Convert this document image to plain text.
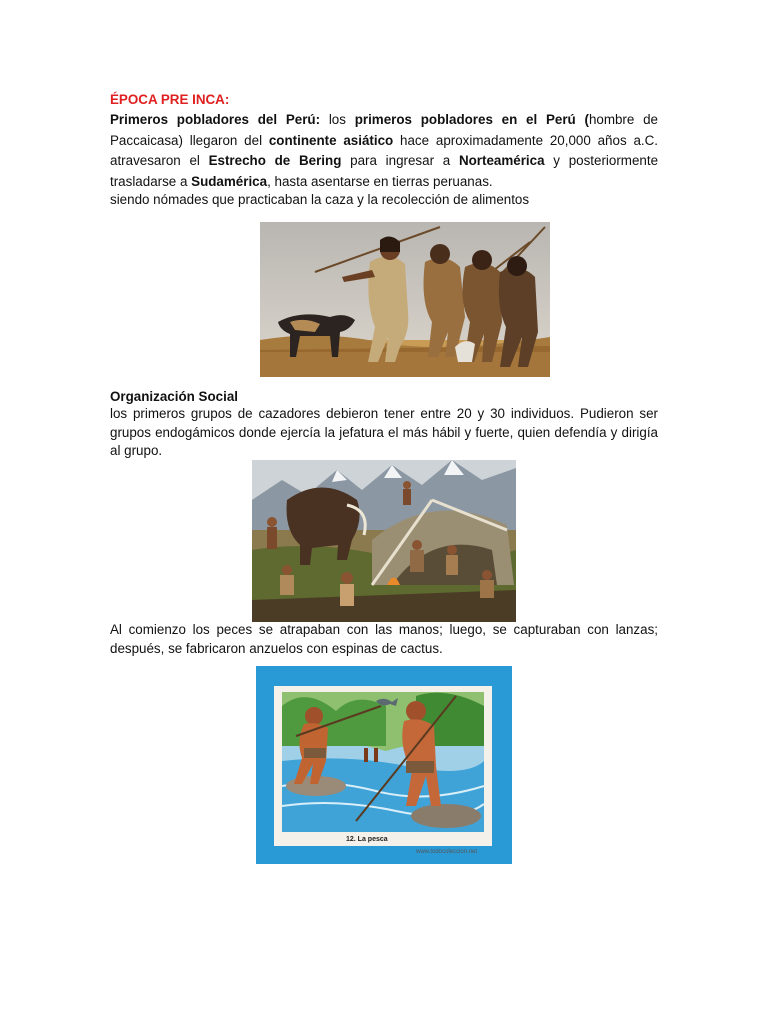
ÉPOCA PRE INCA:
Primeros pobladores del Perú: los primeros pobladores en el Perú (hombre de Paccaicasa) llegaron del continente asiático hace aproximadamente 20,000 años a.C. atravesaron el Estrecho de Bering para ingresar a Norteamérica y posteriormente trasladarse a Sudamérica, hasta asentarse en tierras peruanas.
siendo nómades que practicaban la caza y la recolección de alimentos
Organización Social
los primeros grupos de cazadores debieron tener entre 20 y 30 individuos. Pudieron ser grupos endogámicos donde ejercía la jefatura el más hábil y fuerte, quien defendía y dirigía al grupo.
Al comienzo los peces se atrapaban con las manos; luego, se capturaban con lanzas; después, se fabricaron anzuelos con espinas de cactus.
12. La pesca
www.todocoleccion.net
